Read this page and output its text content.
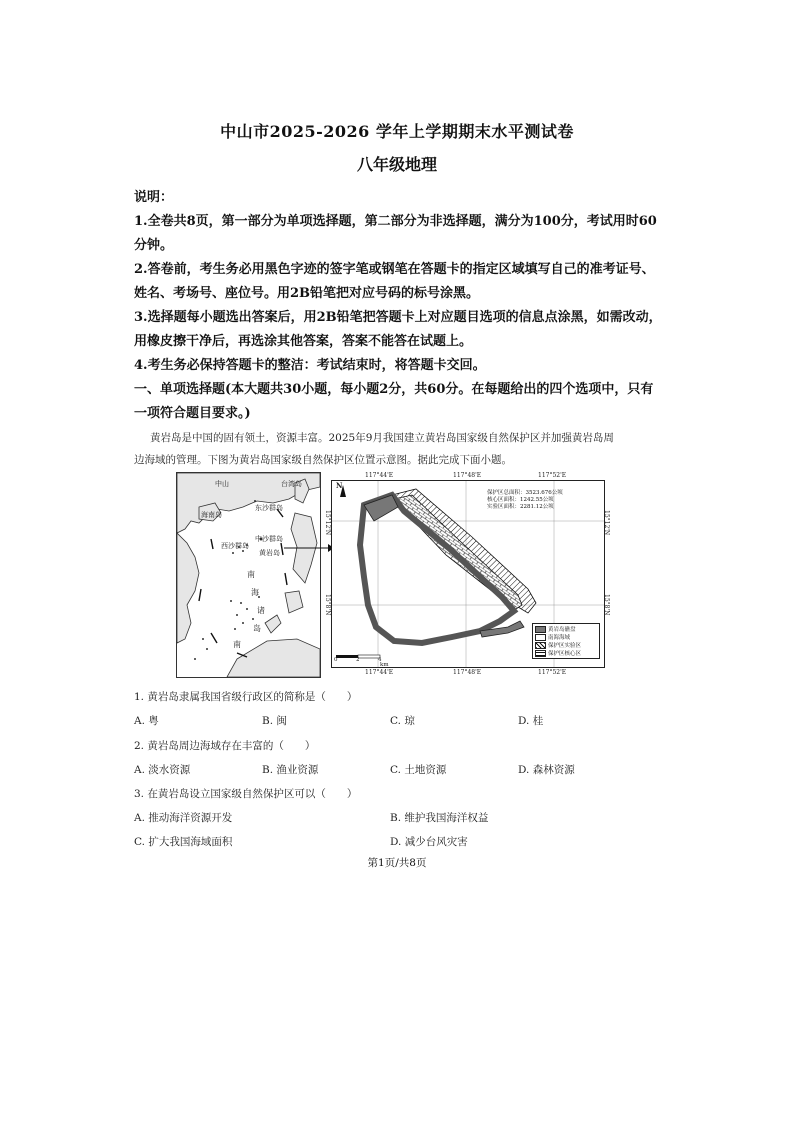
中山市2025-2026 学年上学期期末水平测试卷
八年级地理
说明：
1.全卷共8页，第一部分为单项选择题，第二部分为非选择题，满分为100分，考试用时60
分钟。
2.答卷前，考生务必用黑色字迹的签字笔或钢笔在答题卡的指定区域填写自己的准考证号、
姓名、考场号、座位号。用2B铅笔把对应号码的标号涂黑。
3.选择题每小题选出答案后，用2B铅笔把答题卡上对应题目选项的信息点涂黑，如需改动，
用橡皮擦干净后，再选涂其他答案，答案不能答在试题上。
4.考生务必保持答题卡的整洁：考试结束时，将答题卡交回。
一、单项选择题(本大题共30小题，每小题2分，共60分。在每题给出的四个选项中，只有
一项符合题目要求。)
黄岩岛是中国的固有领土，资源丰富。2025年9月我国建立黄岩岛国家级自然保护区并加强黄岩岛周
边海域的管理。下图为黄岩岛国家级自然保护区位置示意图。据此完成下面小题。
中山	台湾岛
海南岛
东沙群岛
西沙群岛
中沙群岛
黄岩岛
南
海
诸
岛
南
N
保护区总面积：3523.676公顷
核心区面积：1242.55公顷
实验区面积：2281.12公顷
黄岩岛礁盘
南海海域
保护区实验区
保护区核心区
0	2	4
km
117°44'E	117°48'E	117°52'E
117°44'E	117°48'E	117°52'E
15°12'N
15°8'N
15°12'N
15°8'N
1. 黄岩岛隶属我国省级行政区的简称是（　　）
A. 粤	B. 闽	C. 琼	D. 桂
2. 黄岩岛周边海域存在丰富的（　　）
A. 淡水资源	B. 渔业资源	C. 土地资源	D. 森林资源
3. 在黄岩岛设立国家级自然保护区可以（　　）
A. 推动海洋资源开发	B. 维护我国海洋权益
C. 扩大我国海域面积	D. 减少台风灾害
第1页/共8页
